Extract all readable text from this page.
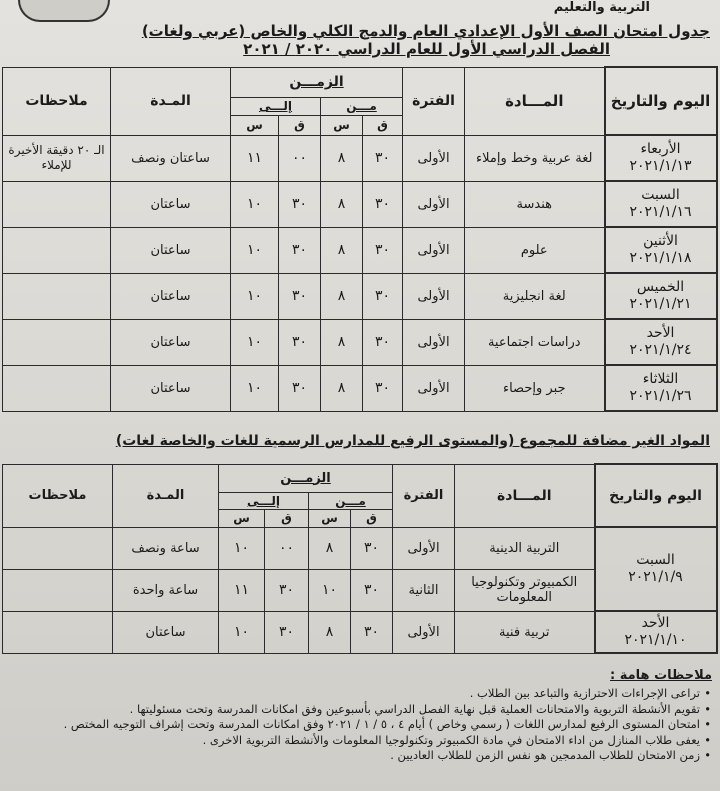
التربية والتعليم
جدول امتحان الصف الأول الإعدادي العام والدمج الكلي والخاص (عربي ولغات)
الفصل الدراسي الأول للعام الدراسي ٢٠٢٠ / ٢٠٢١
اليوم والتاريخ	المـــادة	الفترة	الزمـــن				المـدة	ملاحظات
			مـــن		إلـــى			
			ق	س	ق	س		
الأربعاء
٢٠٢١/١/١٣	لغة عربية وخط وإملاء	الأولى	٣٠	٨	٠٠	١١	ساعتان ونصف	الـ ٢٠ دقيقة الأخيرة للإملاء
السبت
٢٠٢١/١/١٦	هندسة	الأولى	٣٠	٨	٣٠	١٠	ساعتان	
الأثنين
٢٠٢١/١/١٨	علوم	الأولى	٣٠	٨	٣٠	١٠	ساعتان	
الخميس
٢٠٢١/١/٢١	لغة انجليزية	الأولى	٣٠	٨	٣٠	١٠	ساعتان	
الأحد
٢٠٢١/١/٢٤	دراسات اجتماعية	الأولى	٣٠	٨	٣٠	١٠	ساعتان	
الثلاثاء
٢٠٢١/١/٢٦	جبر وإحصاء	الأولى	٣٠	٨	٣٠	١٠	ساعتان	
المواد الغير مضافة للمجموع (والمستوى الرفيع للمدارس الرسمية للغات والخاصة لغات)
اليوم والتاريخ	المـــادة	الفترة	الزمـــن				المـدة	ملاحظات
			مـــن		إلـــى			
			ق	س	ق	س		
السبت
٢٠٢١/١/٩	التربية الدينية	الأولى	٣٠	٨	٠٠	١٠	ساعة ونصف	
	الكمبيوتر وتكنولوجيا المعلومات	الثانية	٣٠	١٠	٣٠	١١	ساعة واحدة	
الأحد
٢٠٢١/١/١٠	تربية فنية	الأولى	٣٠	٨	٣٠	١٠	ساعتان	
ملاحظات هامة :
• تراعى الإجراءات الاحترازية والتباعد بين الطلاب .
• تقويم الأنشطة التربوية والامتحانات العملية قبل نهاية الفصل الدراسي بأسبوعين وفق امكانات المدرسة وتحت مسئوليتها .
• امتحان المستوى الرفيع لمدارس اللغات ( رسمي وخاص ) أيام ٤ ، ٥ / ١ / ٢٠٢١ وفق امكانات المدرسة وتحت إشراف التوجيه المختص .
• يعفى طلاب المنازل من اداء الامتحان في مادة الكمبيوتر وتكنولوجيا المعلومات والأنشطة التربوية الاخرى .
• زمن الامتحان للطلاب المدمجين هو نفس الزمن للطلاب العاديين .
